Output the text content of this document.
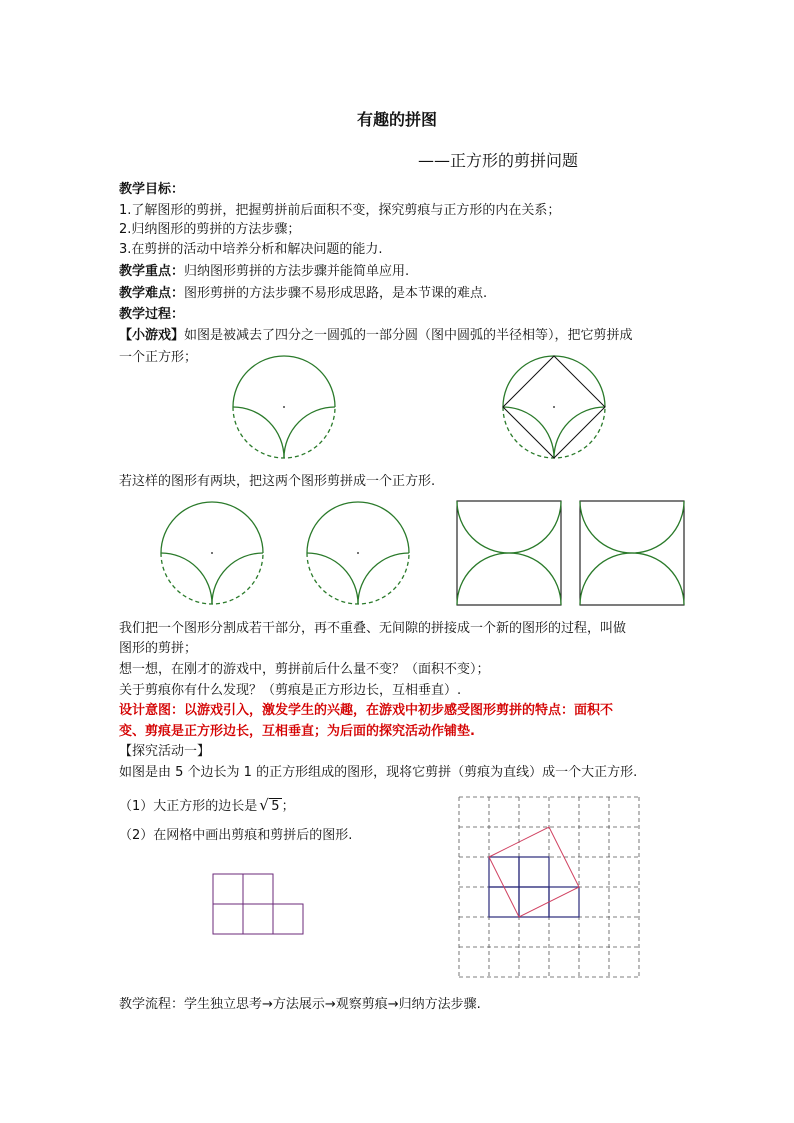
有趣的拼图
——正方形的剪拼问题
教学目标：
1.了解图形的剪拼，把握剪拼前后面积不变，探究剪痕与正方形的内在关系；
2.归纳图形的剪拼的方法步骤；
3.在剪拼的活动中培养分析和解决问题的能力.
教学重点：归纳图形剪拼的方法步骤并能简单应用.
教学难点：图形剪拼的方法步骤不易形成思路，是本节课的难点.
教学过程：
【小游戏】如图是被减去了四分之一圆弧的一部分圆（图中圆弧的半径相等），把它剪拼成
一个正方形；
若这样的图形有两块，把这两个图形剪拼成一个正方形.
我们把一个图形分割成若干部分，再不重叠、无间隙的拼接成一个新的图形的过程，叫做
图形的剪拼；
想一想，在刚才的游戏中，剪拼前后什么量不变？（面积不变）；
关于剪痕你有什么发现？（剪痕是正方形边长，互相垂直）.
设计意图：以游戏引入，激发学生的兴趣，在游戏中初步感受图形剪拼的特点：面积不
变、剪痕是正方形边长，互相垂直；为后面的探究活动作铺垫.
【探究活动一】
如图是由 5 个边长为 1 的正方形组成的图形，现将它剪拼（剪痕为直线）成一个大正方形.
（1）大正方形的边长是 √ 5 ；
（2）在网格中画出剪痕和剪拼后的图形.
教学流程：学生独立思考→方法展示→观察剪痕→归纳方法步骤.
